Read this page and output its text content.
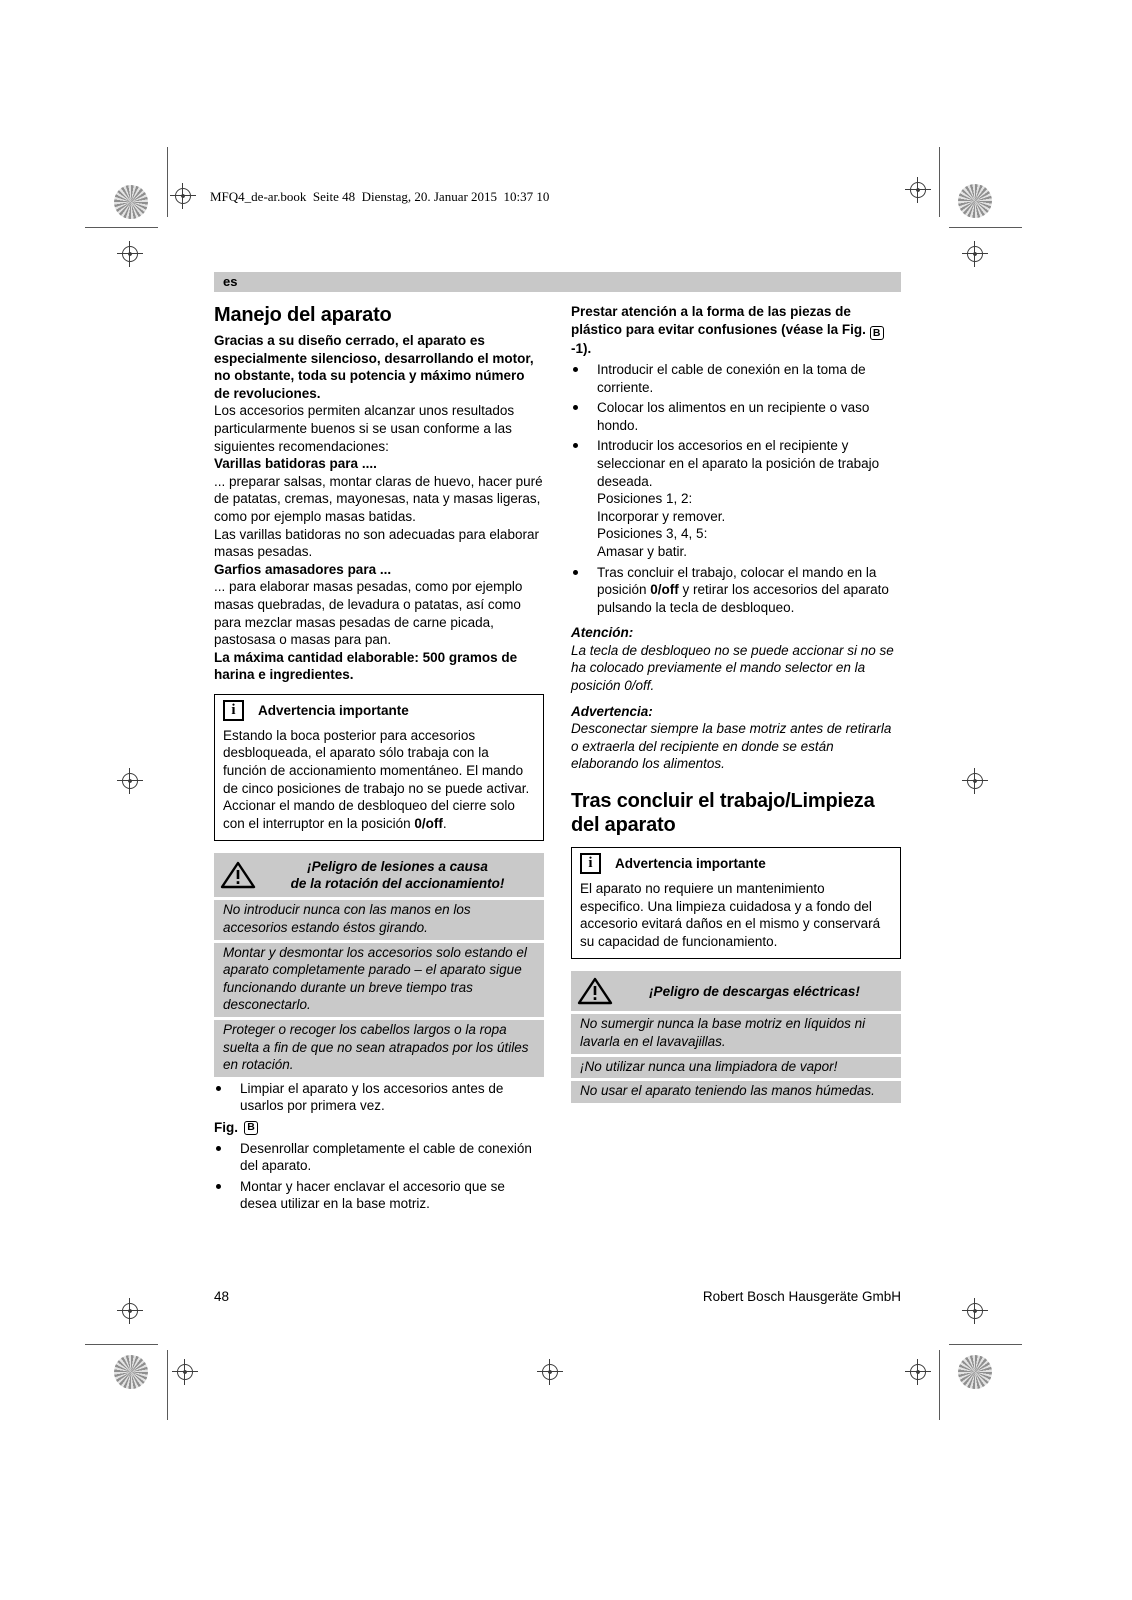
MFQ4_de-ar.book  Seite 48  Dienstag, 20. Januar 2015  10:37 10
es
Manejo del aparato

Gracias a su diseño cerrado, el aparato es especialmente silencioso, desarrollando el motor, no obstante, toda su potencia y máximo número de revoluciones.

Los accesorios permiten alcanzar unos resultados particularmente buenos si se usan conforme a las siguientes recomendaciones:

Varillas batidoras para ....

... preparar salsas, montar claras de huevo, hacer puré de patatas, cremas, mayonesas, nata y masas ligeras, como por ejemplo masas batidas.

Las varillas batidoras no son adecuadas para elaborar masas pesadas.

Garfios amasadores para ...

... para elaborar masas pesadas, como por ejemplo masas quebradas, de levadura o patatas, así como para mezclar masas pesadas de carne picada, pastosasa o masas para pan.

La máxima cantidad elaborable: 500 gramos de harina e ingredientes.

i	Advertencia importante

Estando la boca posterior para accesorios desbloqueada, el aparato sólo trabaja con la función de accionamiento momentáneo. El mando de cinco posiciones de trabajo no se puede activar. Accionar el mando de desbloqueo del cierre solo con el interruptor en la posición 0/off.

¡Peligro de lesiones a causa
de la rotación del accionamiento!

No introducir nunca con las manos en los accesorios estando éstos girando.

Montar y desmontar los accesorios solo estando el aparato completamente parado – el aparato sigue funcionando durante un breve tiempo tras desconectarlo.

Proteger o recoger los cabellos largos o la ropa suelta a fin de que no sean atrapados por los útiles en rotación.

Limpiar el aparato y los accesorios antes de usarlos por primera vez.

Fig. B

Desenrollar completamente el cable de conexión del aparato.
Montar y hacer enclavar el accesorio que se desea utilizar en la base motriz.

Prestar atención a la forma de las piezas de plástico para evitar confusiones (véase la Fig. B-1).

Introducir el cable de conexión en la toma de corriente.
Colocar los alimentos en un recipiente o vaso hondo.
Introducir los accesorios en el recipiente y seleccionar en el aparato la posición de trabajo deseada.

Posiciones 1, 2:

Incorporar y remover.

Posiciones 3, 4, 5:

Amasar y batir.

Tras concluir el trabajo, colocar el mando en la posición 0/off y retirar los accesorios del aparato pulsando la tecla de desbloqueo.

Atención:

La tecla de desbloqueo no se puede accionar si no se ha colocado previamente el mando selector en la posición 0/off.

Advertencia:

Desconectar siempre la base motriz antes de retirarla o extraerla del recipiente en donde se están elaborando los alimentos.

Tras concluir el trabajo/Limpieza del aparato
i	Advertencia importante

El aparato no requiere un mantenimiento especifico. Una limpieza cuidadosa y a fondo del accesorio evitará daños en el mismo y conservará su capacidad de funcionamiento.

¡Peligro de descargas eléctricas!

No sumergir nunca la base motriz en líquidos ni lavarla en el lavavajillas.

¡No utilizar nunca una limpiadora de vapor!

No usar el aparato teniendo las manos húmedas.

48	Robert Bosch Hausgeräte GmbH
